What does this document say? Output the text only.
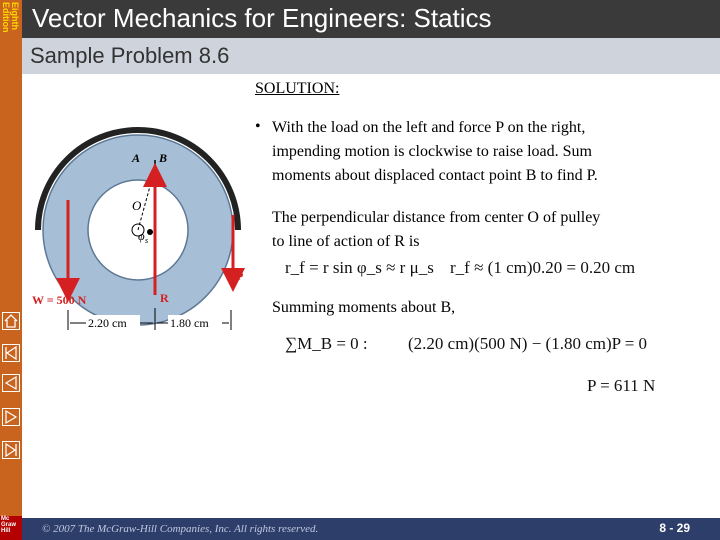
Eighth
Edition
Mc
Graw
Hill
Vector Mechanics for Engineers: Statics
Sample Problem 8.6
A B
O
φ s
W = 500 N	R
P
2.20 cm	1.80 cm
SOLUTION:
• With the load on the left and force P on the right,
impending motion is clockwise to raise load. Sum
moments about displaced contact point B to find P.
The perpendicular distance from center O of pulley
to line of action of R is
r_f = r sin φ_s ≈ r μ_s r_f ≈ (1 cm)0.20 = 0.20 cm
Summing moments about B,
∑M_B = 0 : (2.20 cm)(500 N) − (1.80 cm)P = 0
P = 611 N
© 2007 The McGraw-Hill Companies, Inc. All rights reserved.	8 - 29
